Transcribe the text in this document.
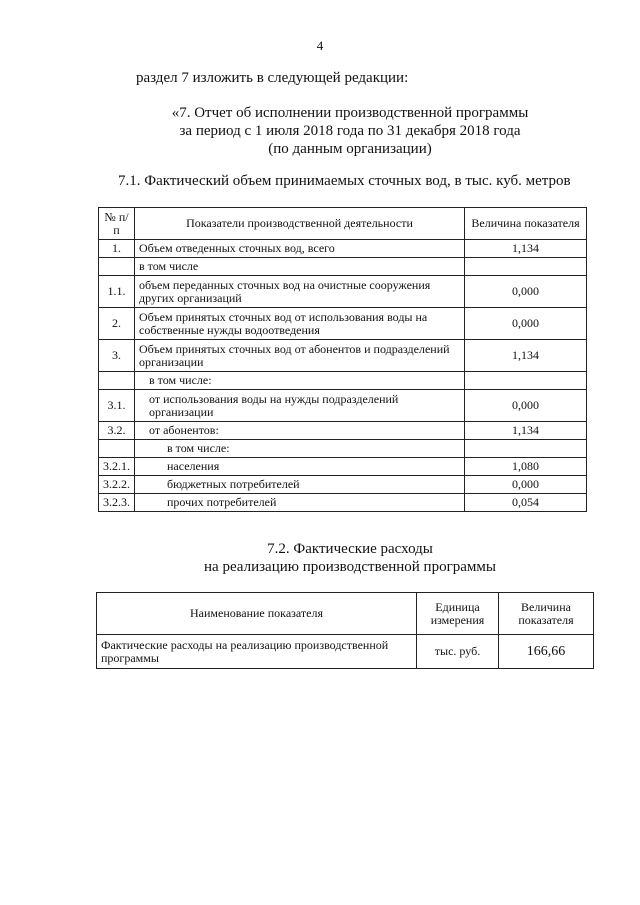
4
раздел 7 изложить в следующей редакции:
«7. Отчет об исполнении производственной программы
за период с 1 июля 2018 года по 31 декабря 2018 года
(по данным организации)
7.1. Фактический объем принимаемых сточных вод, в тыс. куб. метров
№ п/п	Показатели производственной деятельности	Величина показателя
1.	Объем отведенных сточных вод, всего	1,134
	в том числе	
1.1.	объем переданных сточных вод на очистные сооружения других организаций	0,000
2.	Объем принятых сточных вод от использования воды на собственные нужды водоотведения	0,000
3.	Объем принятых сточных вод от абонентов и подразделений организации	1,134
	в том числе:	
3.1.	от использования воды на нужды подразделений организации	0,000
3.2.	от абонентов:	1,134
	в том числе:	
3.2.1.	населения	1,080
3.2.2.	бюджетных потребителей	0,000
3.2.3.	прочих потребителей	0,054
7.2. Фактические расходы
на реализацию производственной программы
Наименование показателя	Единица измерения	Величина показателя
Фактические расходы на реализацию производственной программы	тыс. руб.	166,66
